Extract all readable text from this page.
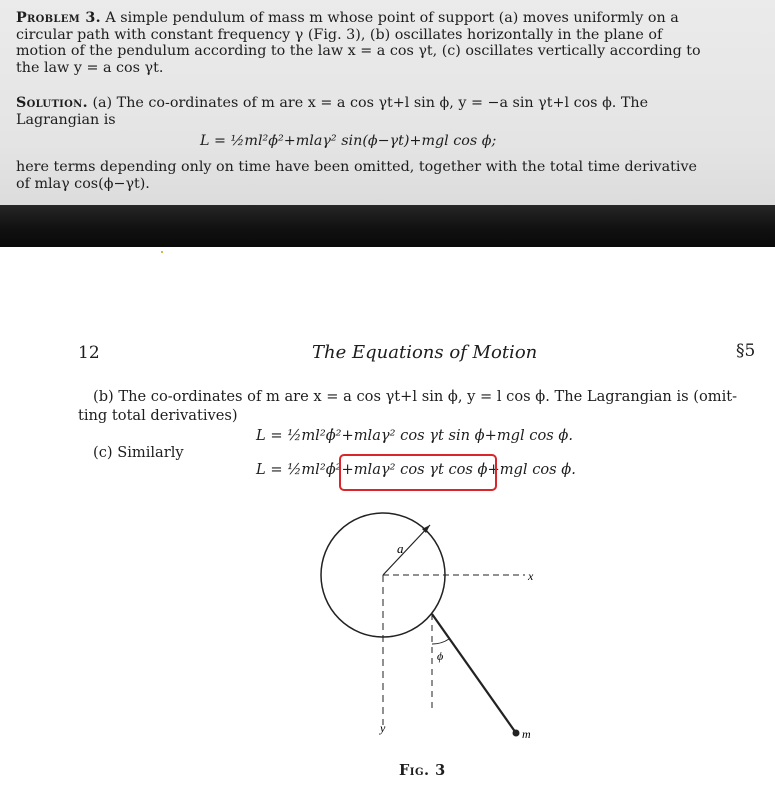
Problem 3. A simple pendulum of mass m whose point of support (a) moves uniformly on a circular path with constant frequency γ (Fig. 3), (b) oscillates horizontally in the plane of motion of the pendulum according to the law x = a cos γt, (c) oscillates vertically according to the law y = a cos γt.

Solution. (a) The co-ordinates of m are x = a cos γt+l sin ϕ, y = −a sin γt+l cos ϕ. The Lagrangian is

L = ½ml²ϕ̇²+mlaγ² sin(ϕ−γt)+mgl cos ϕ;

here terms depending only on time have been omitted, together with the total time derivative of mlaγ cos(ϕ−γt).

12	The Equations of Motion	§5
(b) The co-ordinates of m are x = a cos γt+l sin ϕ, y = l cos ϕ. The Lagrangian is (omit-
ting total derivatives)
L = ½ml²ϕ̇²+mlaγ² cos γt sin ϕ+mgl cos ϕ.
(c) Similarly
L = ½ml²ϕ̇²+mlaγ² cos γt cos ϕ+mgl cos ϕ.
a
x
y
ϕ
m
Fig. 3
